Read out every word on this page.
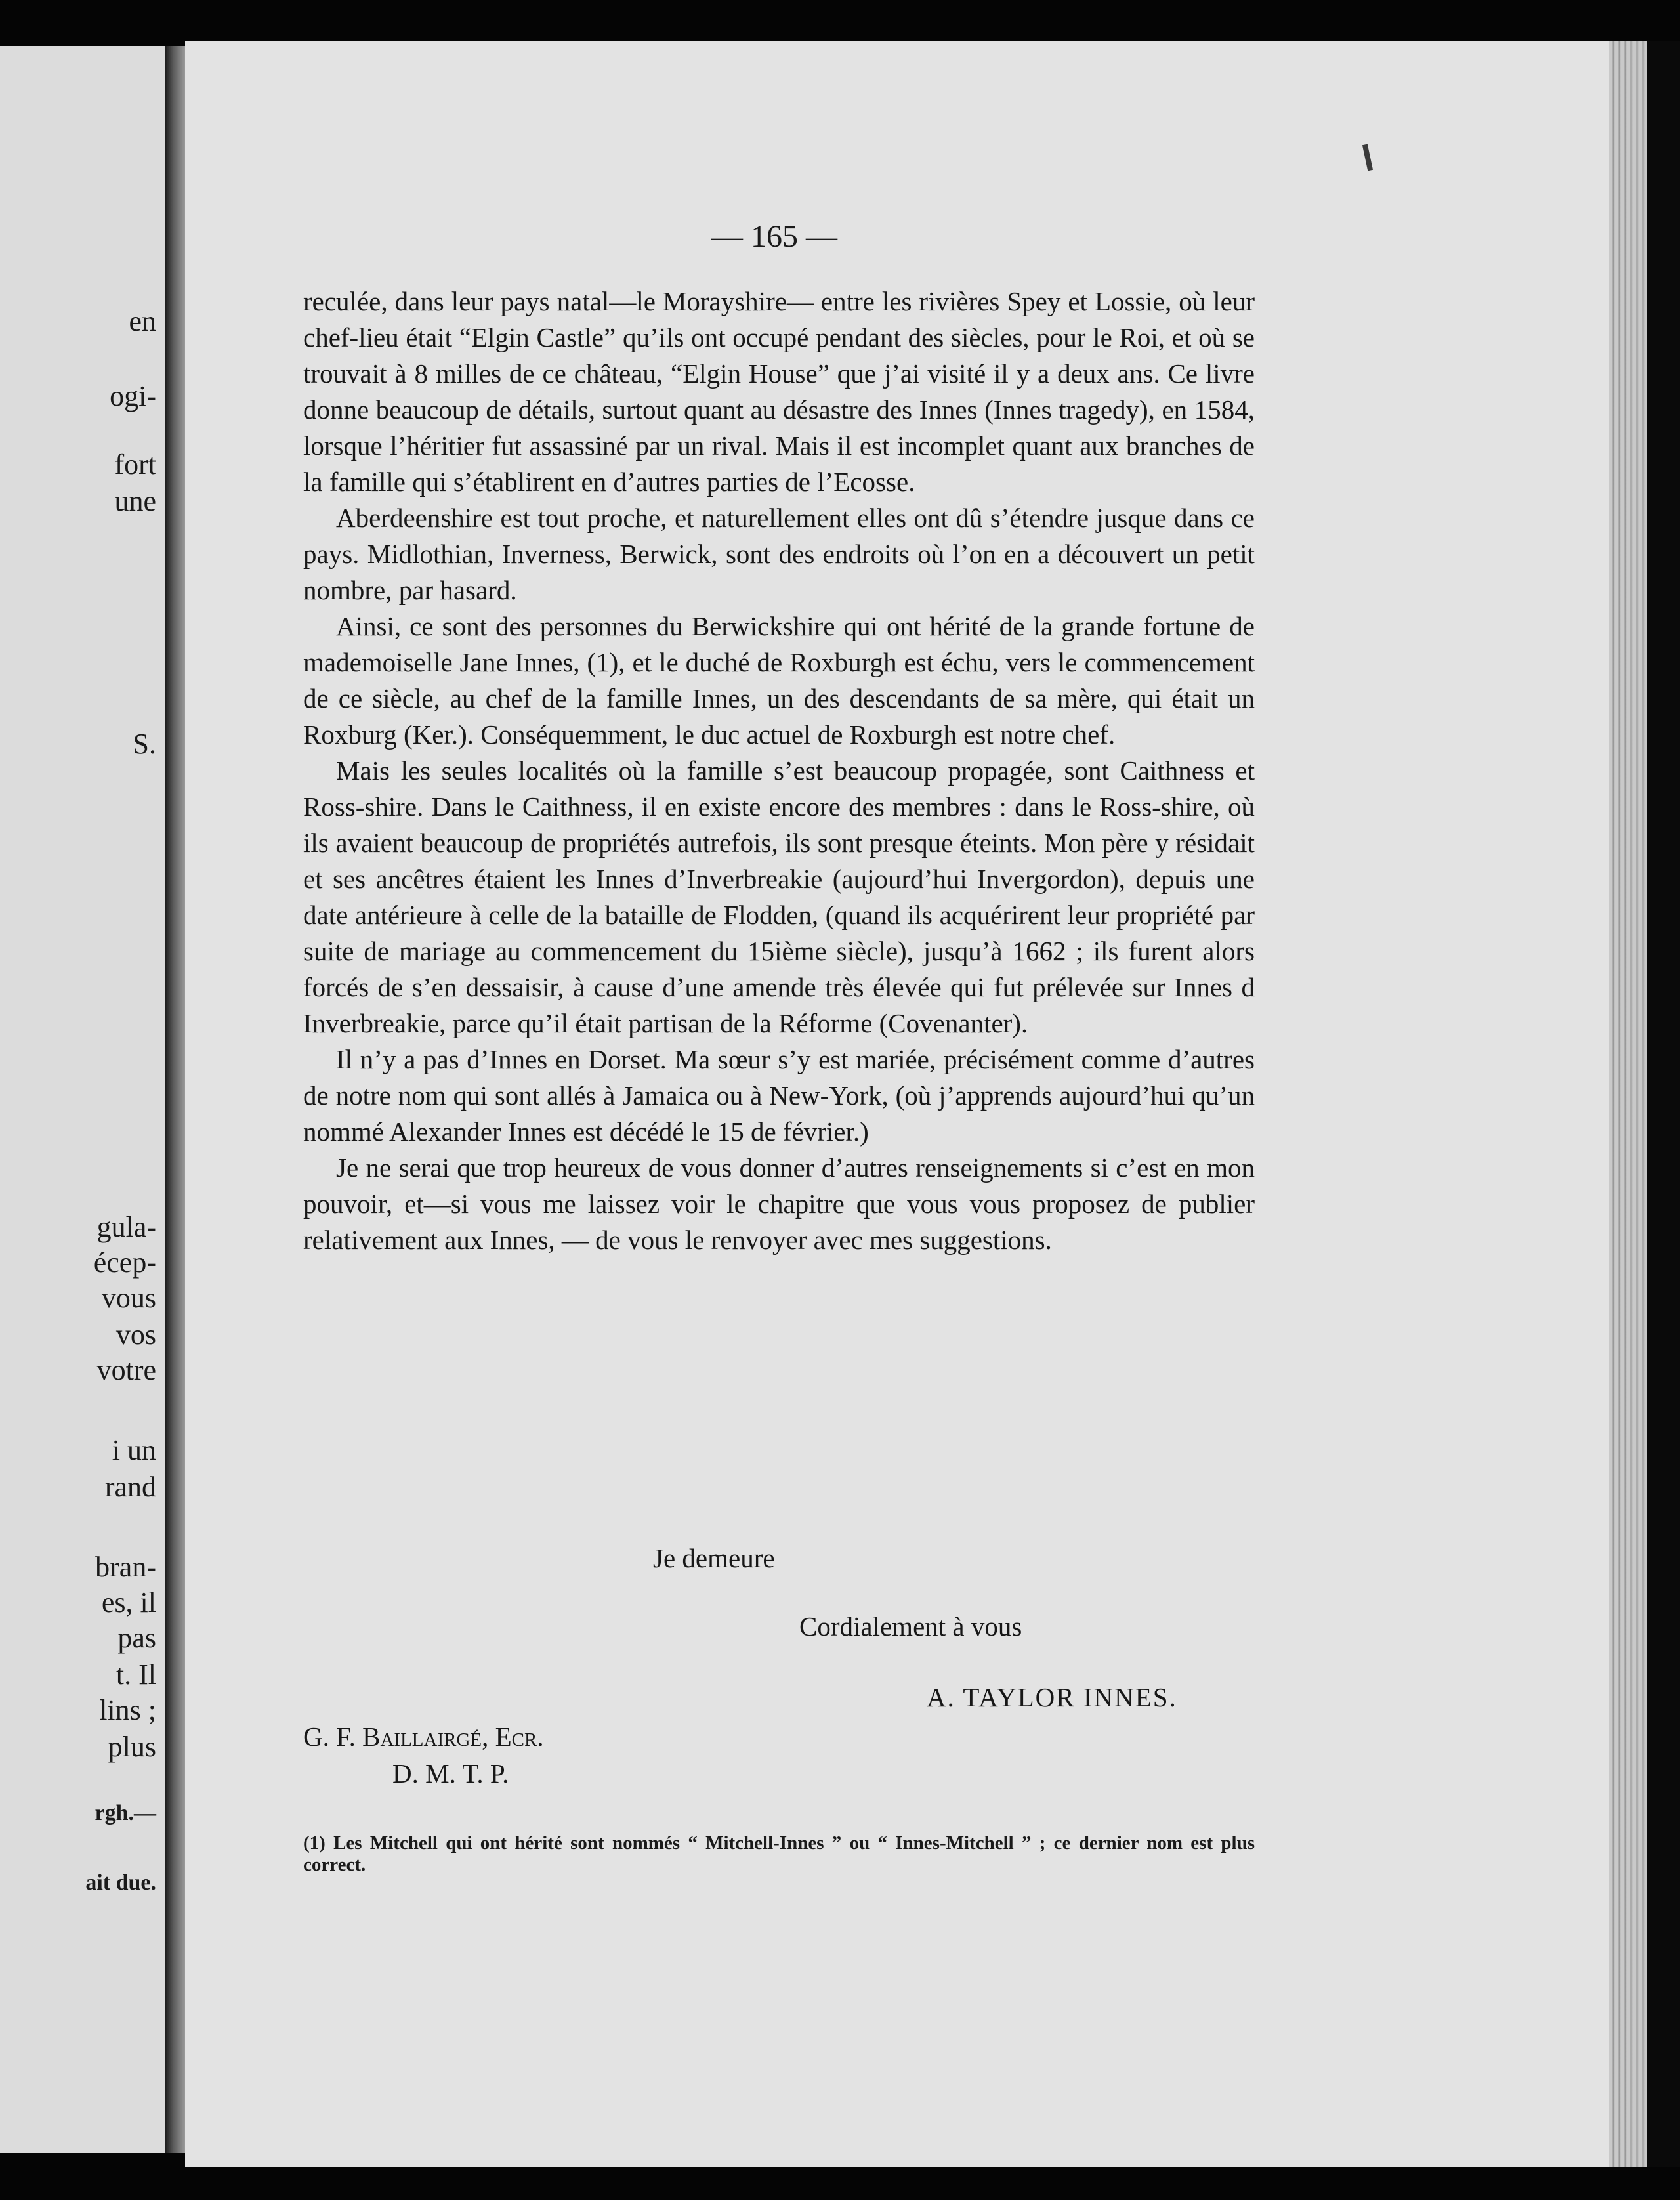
en
ogi-
fort
une
S.
gula-
écep-
vous
vos
votre
i un
rand
bran-
es, il
pas
t. Il
lins ;
plus
rgh.—
ait due.
— 165 —

reculée, dans leur pays natal—le Morayshire— entre les rivières Spey et Lossie, où leur chef-lieu était “Elgin Castle” qu’ils ont occupé pendant des siècles, pour le Roi, et où se trouvait à 8 milles de ce château, “Elgin House” que j’ai visité il y a deux ans. Ce livre donne beaucoup de détails, surtout quant au désastre des Innes (Innes tragedy), en 1584, lorsque l’héritier fut assassiné par un rival. Mais il est incomplet quant aux branches de la famille qui s’établirent en d’autres parties de l’Ecosse.

Aberdeenshire est tout proche, et naturellement elles ont dû s’étendre jusque dans ce pays. Midlothian, Inverness, Berwick, sont des endroits où l’on en a découvert un petit nombre, par hasard.

Ainsi, ce sont des personnes du Berwickshire qui ont hérité de la grande fortune de mademoiselle Jane Innes, (1), et le duché de Roxburgh est échu, vers le commencement de ce siècle, au chef de la famille Innes, un des descendants de sa mère, qui était un Roxburg (Ker.). Conséquemment, le duc actuel de Roxburgh est notre chef.

Mais les seules localités où la famille s’est beaucoup propagée, sont Caithness et Ross-shire. Dans le Caithness, il en existe encore des membres : dans le Ross-shire, où ils avaient beaucoup de propriétés autrefois, ils sont presque éteints. Mon père y résidait et ses ancêtres étaient les Innes d’Inverbreakie (aujourd’hui Invergordon), depuis une date antérieure à celle de la bataille de Flodden, (quand ils acquérirent leur propriété par suite de mariage au commencement du 15ième siècle), jusqu’à 1662 ; ils furent alors forcés de s’en dessaisir, à cause d’une amende très élevée qui fut prélevée sur Innes d Inverbreakie, parce qu’il était partisan de la Réforme (Covenanter).

Il n’y a pas d’Innes en Dorset. Ma sœur s’y est mariée, précisément comme d’autres de notre nom qui sont allés à Jamaica ou à New-York, (où j’apprends aujourd’hui qu’un nommé Alexander Innes est décédé le 15 de février.)

Je ne serai que trop heureux de vous donner d’autres renseignements si c’est en mon pouvoir, et—si vous me laissez voir le chapitre que vous vous proposez de publier relativement aux Innes, — de vous le renvoyer avec mes suggestions.

Je demeure
Cordialement à vous
A. TAYLOR INNES.
G. F. Baillairgé, Ecr.
D. M. T. P.
(1) Les Mitchell qui ont hérité sont nommés “ Mitchell-Innes ” ou “ Innes-Mitchell ” ; ce dernier nom est plus correct.
